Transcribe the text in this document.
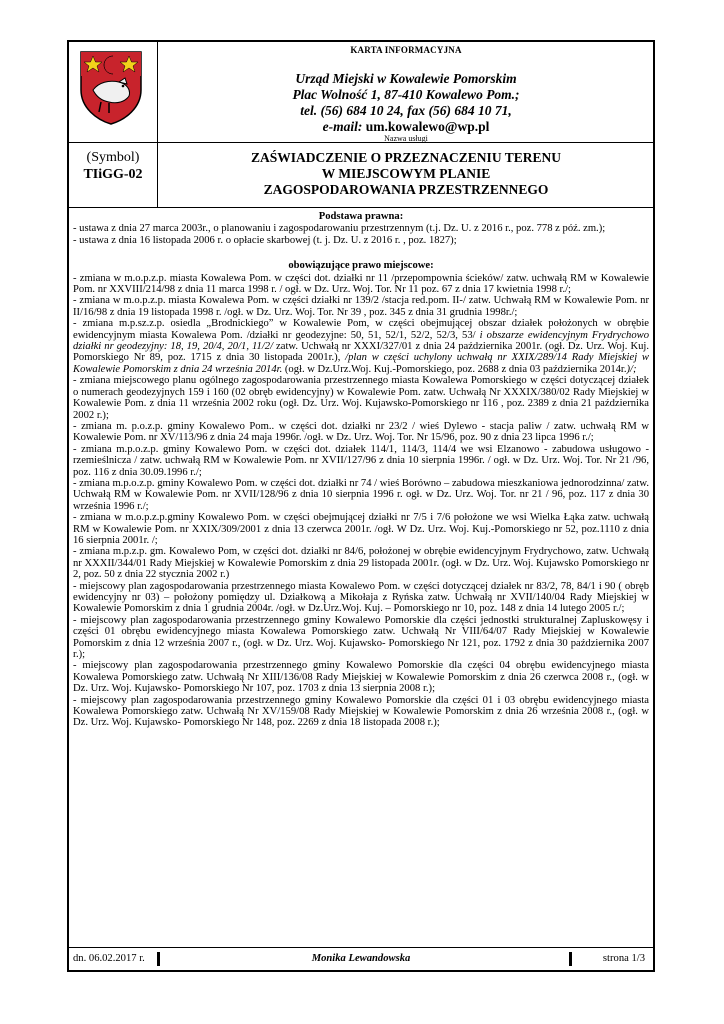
KARTA INFORMACYJNA
Urząd Miejski w Kowalewie Pomorskim
Plac Wolność 1, 87-410 Kowalewo Pom.;
tel. (56) 684 10 24, fax (56) 684 10 71,
e-mail: um.kowalewo@wp.pl
Nazwa usługi
(Symbol)
TIiGG-02
ZAŚWIADCZENIE O PRZEZNACZENIU TERENU
W MIEJSCOWYM PLANIE
ZAGOSPODAROWANIA PRZESTRZENNEGO
Podstawa prawna:

- ustawa z dnia 27 marca 2003r., o planowaniu i zagospodarowaniu przestrzennym (t.j. Dz. U. z 2016 r., poz. 778 z póź. zm.);

- ustawa z dnia 16 listopada 2006 r. o opłacie skarbowej (t. j. Dz. U. z 2016 r. , poz. 1827);

obowiązujące prawo miejscowe:

- zmiana w m.o.p.z.p. miasta Kowalewa Pom. w części dot. działki nr 11 /przepompownia ścieków/ zatw. uchwałą RM w Kowalewie Pom. nr XXVIII/214/98 z dnia 11 marca 1998 r. / ogł. w Dz. Urz. Woj. Tor. Nr 11 poz. 67 z dnia 17 kwietnia 1998 r./;

- zmiana w m.o.p.z.p. miasta Kowalewa Pom. w części działki nr 139/2 /stacja red.pom. II-/ zatw. Uchwałą RM w Kowalewie Pom. nr II/16/98 z dnia 19 listopada 1998 r. /ogł. w Dz. Urz. Woj. Tor. Nr 39 , poz. 345 z dnia 31 grudnia 1998r./;

- zmiana m.p.sz.z.p. osiedla „Brodnickiego” w Kowalewie Pom, w części obejmującej obszar działek położonych w obrębie ewidencyjnym miasta Kowalewa Pom. /działki nr geodezyjne: 50, 51, 52/1, 52/2, 52/3, 53/ i obszarze ewidencyjnym Frydrychowo działki nr geodezyjny: 18, 19, 20/4, 20/1, 11/2/ zatw. Uchwałą nr XXXI/327/01 z dnia 24 października 2001r. (ogł. Dz. Urz. Woj. Kuj. Pomorskiego Nr 89, poz. 1715 z dnia 30 listopada 2001r.), /plan w części uchylony uchwałą nr XXIX/289/14 Rady Miejskiej w Kowalewie Pomorskim z dnia 24 września 2014r. (ogł. w Dz.Urz.Woj. Kuj.-Pomorskiego, poz. 2688 z dnia 03 października 2014r.)/;

- zmiana miejscowego planu ogólnego zagospodarowania przestrzennego miasta Kowalewa Pomorskiego w części dotyczącej działek o numerach geodezyjnych 159 i 160 (02 obręb ewidencyjny) w Kowalewie Pom. zatw. Uchwałą Nr XXXIX/380/02 Rady Miejskiej w Kowalewie Pom. z dnia 11 września 2002 roku (ogł. Dz. Urz. Woj. Kujawsko-Pomorskiego nr 116 , poz. 2389 z dnia 21 października 2002 r.);

- zmiana m. p.o.z.p. gminy Kowalewo Pom.. w części dot. działki nr 23/2 / wieś Dylewo - stacja paliw / zatw. uchwałą RM w Kowalewie Pom. nr XV/113/96 z dnia 24 maja 1996r. /ogł. w Dz. Urz. Woj. Tor. Nr 15/96, poz. 90 z dnia 23 lipca 1996 r./;

- zmiana m.p.o.z.p. gminy Kowalewo Pom. w części dot. działek 114/1, 114/3, 114/4 we wsi Elzanowo - zabudowa usługowo - rzemieślnicza / zatw. uchwałą RM w Kowalewie Pom. nr XVII/127/96 z dnia 10 sierpnia 1996r. / ogł. w Dz. Urz. Woj. Tor. Nr 21 /96, poz. 116 z dnia 30.09.1996 r./;

- zmiana m.p.o.z.p. gminy Kowalewo Pom. w części dot. działki nr 74 / wieś Borówno – zabudowa mieszkaniowa jednorodzinna/ zatw. Uchwałą RM w Kowalewie Pom. nr XVII/128/96 z dnia 10 sierpnia 1996 r. ogł. w Dz. Urz. Woj. Tor. nr 21 / 96, poz. 117 z dnia 30 września 1996 r./;

- zmiana w m.o.p.z.p.gminy Kowalewo Pom. w części obejmującej działki nr 7/5 i 7/6 położone we wsi Wielka Łąka zatw. uchwałą RM w Kowalewie Pom. nr XXIX/309/2001 z dnia 13 czerwca 2001r. /ogł. W Dz. Urz. Woj. Kuj.-Pomorskiego nr 52, poz.1110 z dnia 16 sierpnia 2001r. /;

- zmiana m.p.z.p. gm. Kowalewo Pom, w części dot. działki nr 84/6, położonej w obrębie ewidencyjnym Frydrychowo, zatw. Uchwałą nr XXXII/344/01 Rady Miejskiej w Kowalewie Pomorskim z dnia 29 listopada 2001r. (ogł. w Dz. Urz. Woj. Kujawsko Pomorskiego nr 2, poz. 50 z dnia 22 stycznia 2002 r.)

- miejscowy plan zagospodarowania przestrzennego miasta Kowalewo Pom. w części dotyczącej działek nr 83/2, 78, 84/1 i 90 ( obręb ewidencyjny nr 03) – położony pomiędzy ul. Działkową a Mikołaja z Ryńska zatw. Uchwałą nr XVII/140/04 Rady Miejskiej w Kowalewie Pomorskim z dnia 1 grudnia 2004r. /ogł. w Dz.Urz.Woj. Kuj. – Pomorskiego nr 10, poz. 148 z dnia 14 lutego 2005 r./;

- miejscowy plan zagospodarowania przestrzennego gminy Kowalewo Pomorskie dla części jednostki strukturalnej Zapluskowęsy i części 01 obrębu ewidencyjnego miasta Kowalewa Pomorskiego zatw. Uchwałą Nr VIII/64/07 Rady Miejskiej w Kowalewie Pomorskim z dnia 12 września 2007 r., (ogł. w Dz. Urz. Woj. Kujawsko- Pomorskiego Nr 121, poz. 1792 z dnia 30 października 2007 r.);

- miejscowy plan zagospodarowania przestrzennego gminy Kowalewo Pomorskie dla części 04 obrębu ewidencyjnego miasta Kowalewa Pomorskiego zatw. Uchwałą Nr XIII/136/08 Rady Miejskiej w Kowalewie Pomorskim z dnia 26 czerwca 2008 r., (ogł. w Dz. Urz. Woj. Kujawsko- Pomorskiego Nr 107, poz. 1703 z dnia 13 sierpnia 2008 r.);

- miejscowy plan zagospodarowania przestrzennego gminy Kowalewo Pomorskie dla części 01 i 03 obrębu ewidencyjnego miasta Kowalewa Pomorskiego zatw. Uchwałą Nr XV/159/08 Rady Miejskiej w Kowalewie Pomorskim z dnia 26 września 2008 r., (ogł. w Dz. Urz. Woj. Kujawsko- Pomorskiego Nr 148, poz. 2269 z dnia 18 listopada 2008 r.);

dn. 06.02.2017 r.	Monika Lewandowska	strona 1/3
